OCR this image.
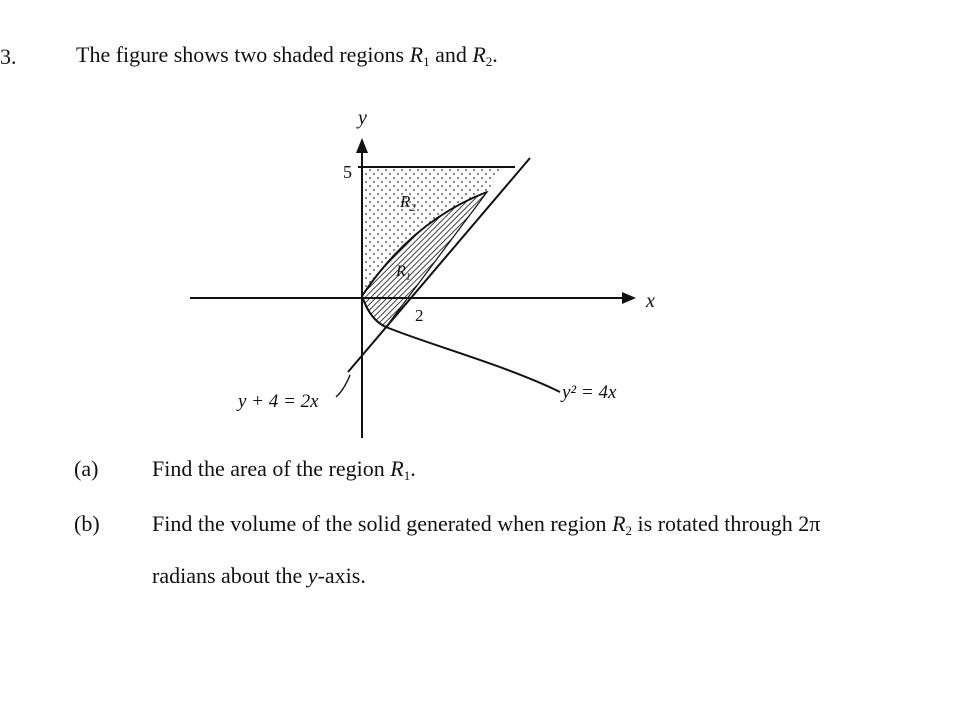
3.	The figure shows two shaded regions $R_1$ and $R_2$.
y
x
5
2
$R_2$
$R_1$
y + 4 = 2x	y² = 4x
(a) Find the area of the region $R_1$.
(b) Find the volume of the solid generated when region $R_2$ is rotated through 2π
radians about the y-axis.
